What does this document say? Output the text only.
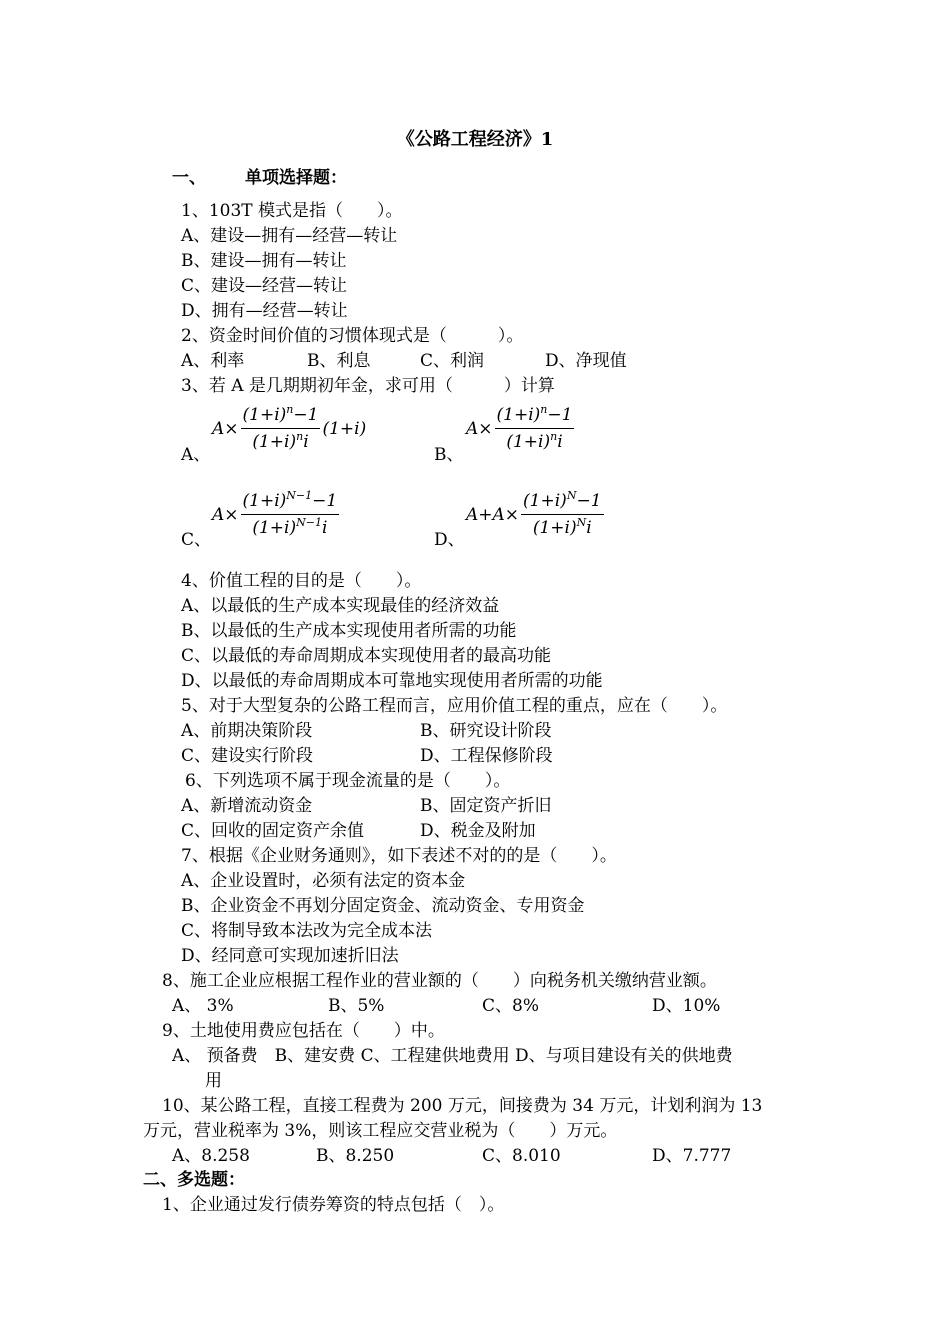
《公路工程经济》1
一、 单项选择题：
1、103T 模式是指（　　）。
A、建设—拥有—经营—转让
B、建设—拥有—转让
C、建设—经营—转让
D、拥有—经营—转让
2、资金时间价值的习惯体现式是（　　　）。
A、利率	B、利息	C、利润	D、净现值
3、若 A 是几期期初年金，求可用（　　　）计算
A、
$A\times \frac{(1+i)^n-1}{(1+i)^ni} (1+i)$
B、
$A\times \frac{(1+i)^n-1}{(1+i)^ni}$
C、
$A\times \frac{(1+i)^{N-1}-1}{(1+i)^{N-1}i}$
D、
$A+A\times \frac{(1+i)^N-1}{(1+i)^Ni}$
4、价值工程的目的是（　　）。
A、以最低的生产成本实现最佳的经济效益
B、以最低的生产成本实现使用者所需的功能
C、以最低的寿命周期成本实现使用者的最高功能
D、以最低的寿命周期成本可靠地实现使用者所需的功能
5、对于大型复杂的公路工程而言，应用价值工程的重点，应在（　　）。
A、前期决策阶段	B、研究设计阶段
C、建设实行阶段	D、工程保修阶段
6、下列选项不属于现金流量的是（　　）。
A、新增流动资金	B、固定资产折旧
C、回收的固定资产余值	D、税金及附加
7、根据《企业财务通则》，如下表述不对的的是（　　）。
A、企业设置时，必须有法定的资本金
B、企业资金不再划分固定资金、流动资金、专用资金
C、将制导致本法改为完全成本法
D、经同意可实现加速折旧法
8、施工企业应根据工程作业的营业额的（　　）向税务机关缴纳营业额。
A、 3%	B、5%	C、8%	D、10%
9、土地使用费应包括在（　　）中。
A、 预备费　B、建安费 C、工程建供地费用 D、与项目建设有关的供地费
用
10、某公路工程，直接工程费为 200 万元，间接费为 34 万元，计划利润为 13
万元，营业税率为 3%，则该工程应交营业税为（　　）万元。
A、8.258	B、8.250	C、8.010	D、7.777
二、多选题：
1、企业通过发行债券筹资的特点包括（　）。
